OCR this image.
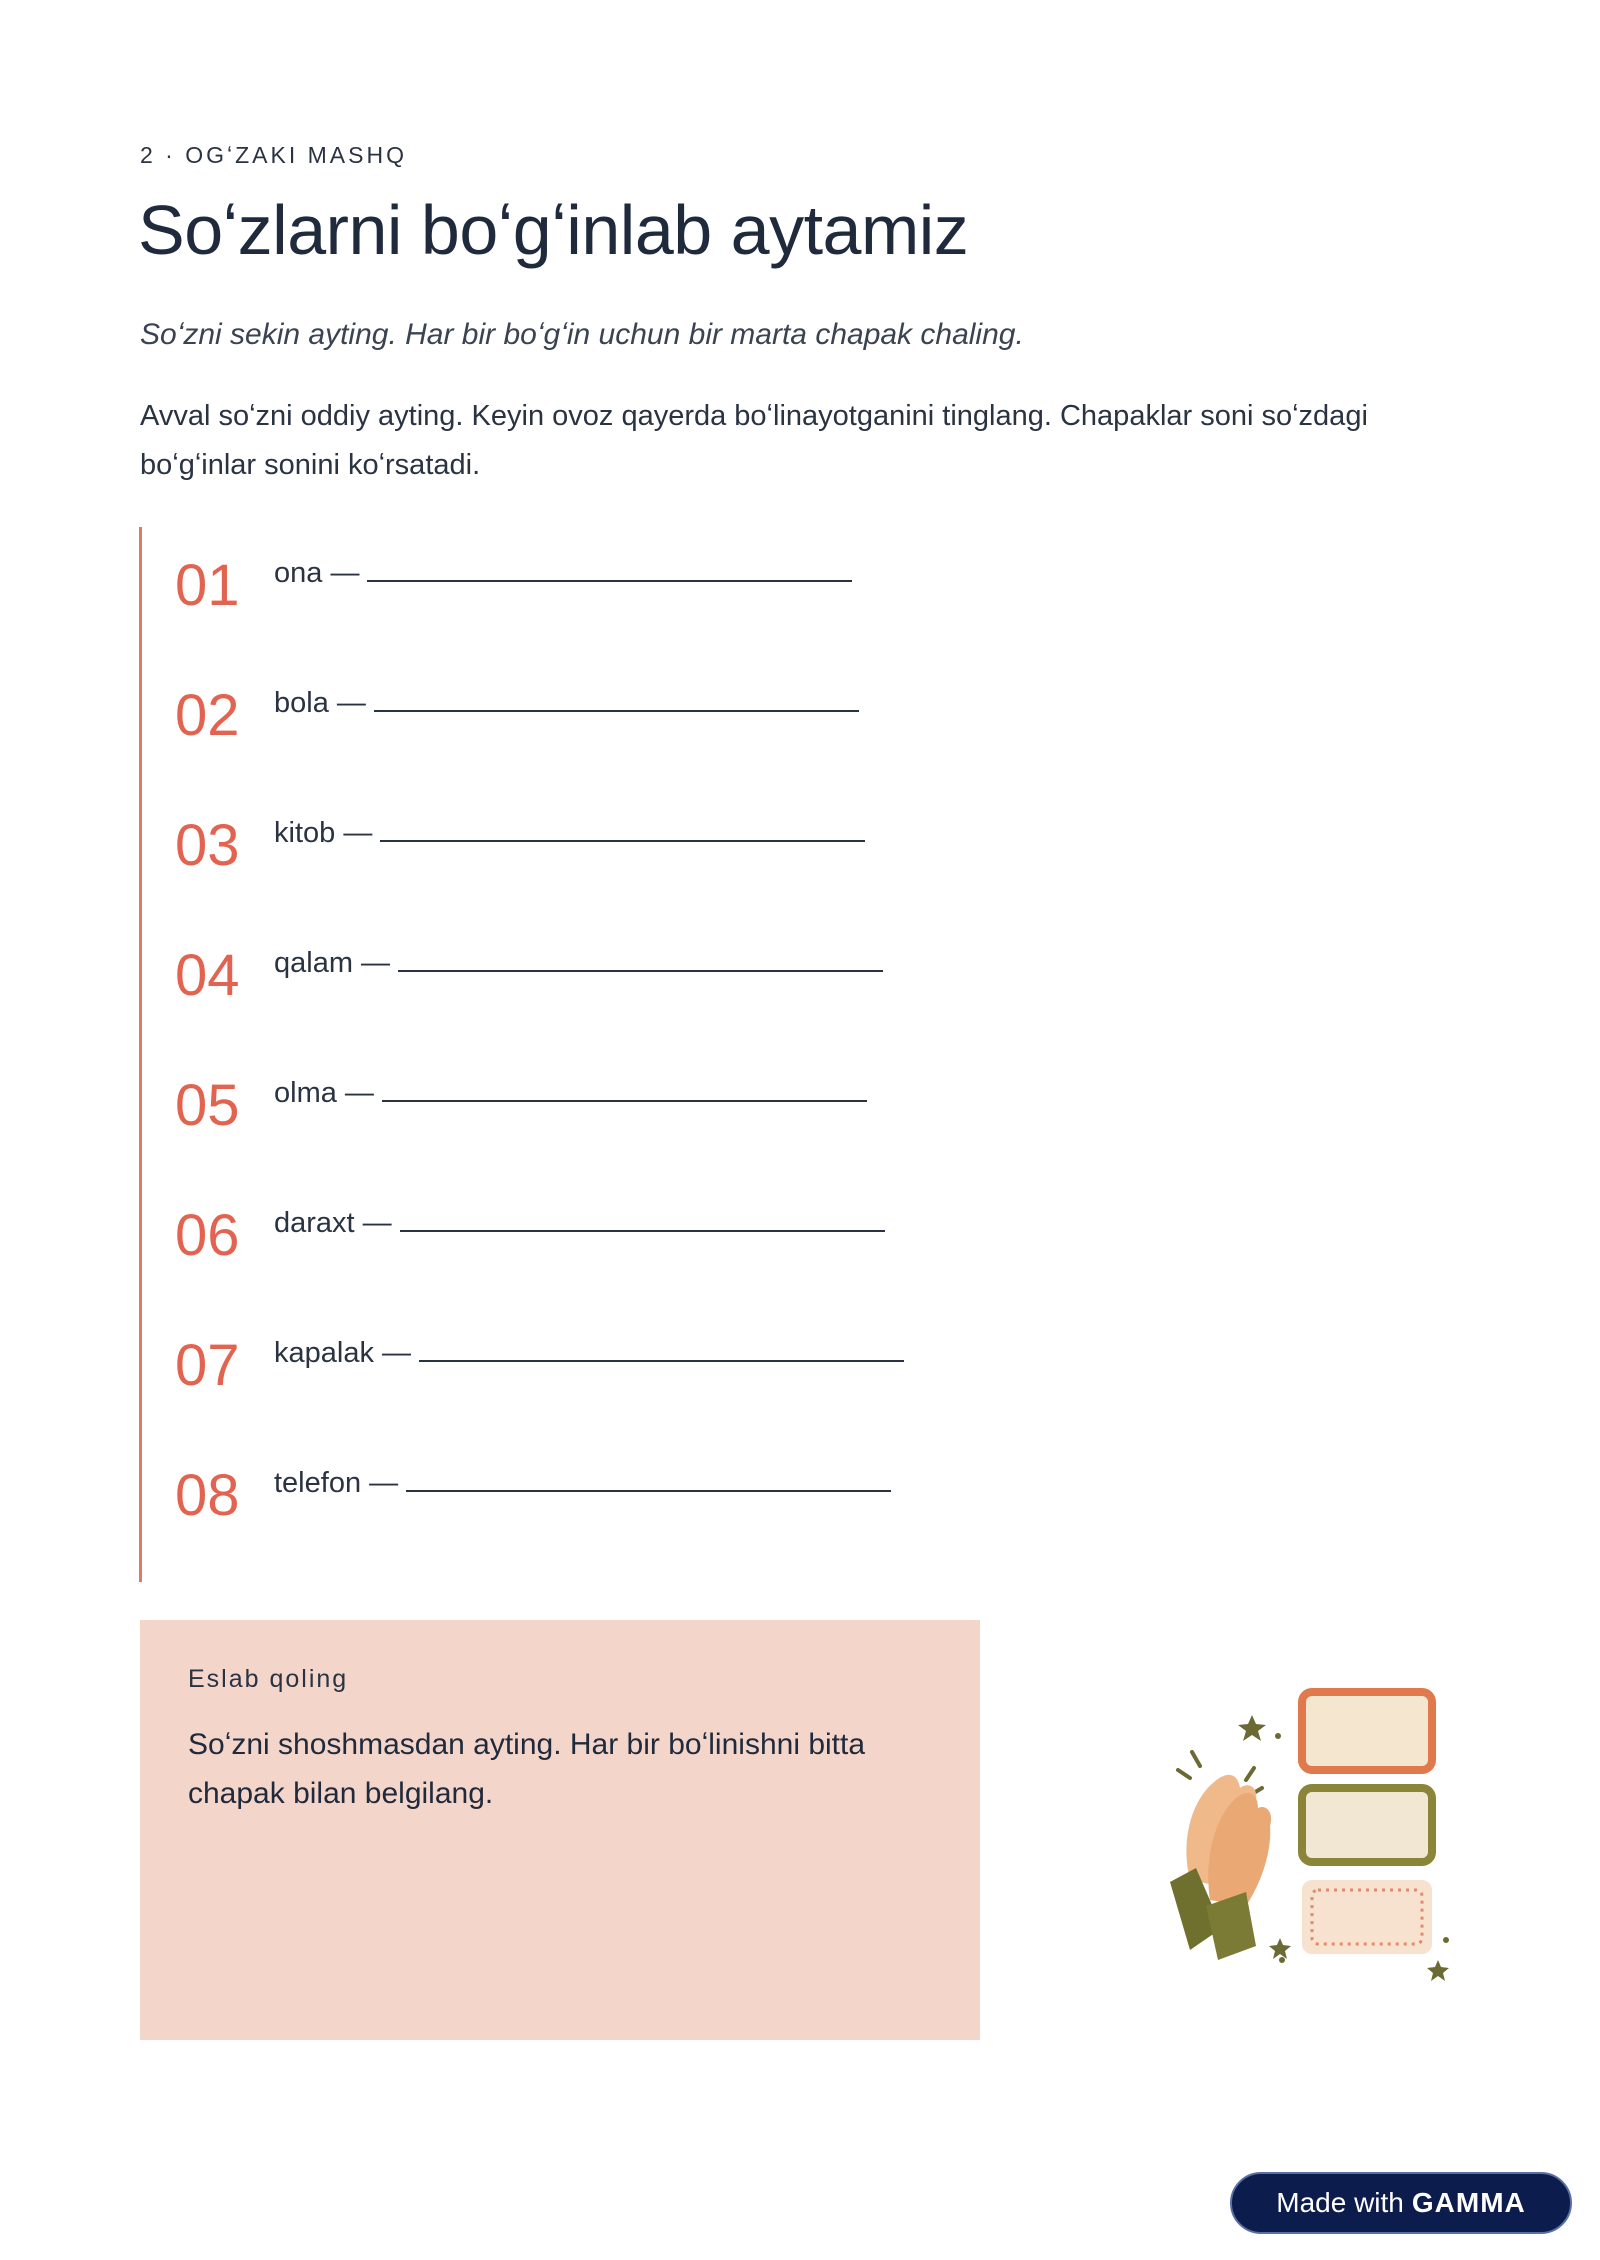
2 · OGʻZAKI MASHQ
Soʻzlarni boʻgʻinlab aytamiz

Soʻzni sekin ayting. Har bir boʻgʻin uchun bir marta chapak chaling.

Avval soʻzni oddiy ayting. Keyin ovoz qayerda boʻlinayotganini tinglang. Chapaklar soni soʻzdagi boʻgʻinlar sonini koʻrsatadi.

01 ona —
02 bola —
03 kitob —
04 qalam —
05 olma —
06 daraxt —
07 kapalak —
08 telefon —
Eslab qoling

Soʻzni shoshmasdan ayting. Har bir boʻlinishni bitta chapak bilan belgilang.

Made with GAMMA
